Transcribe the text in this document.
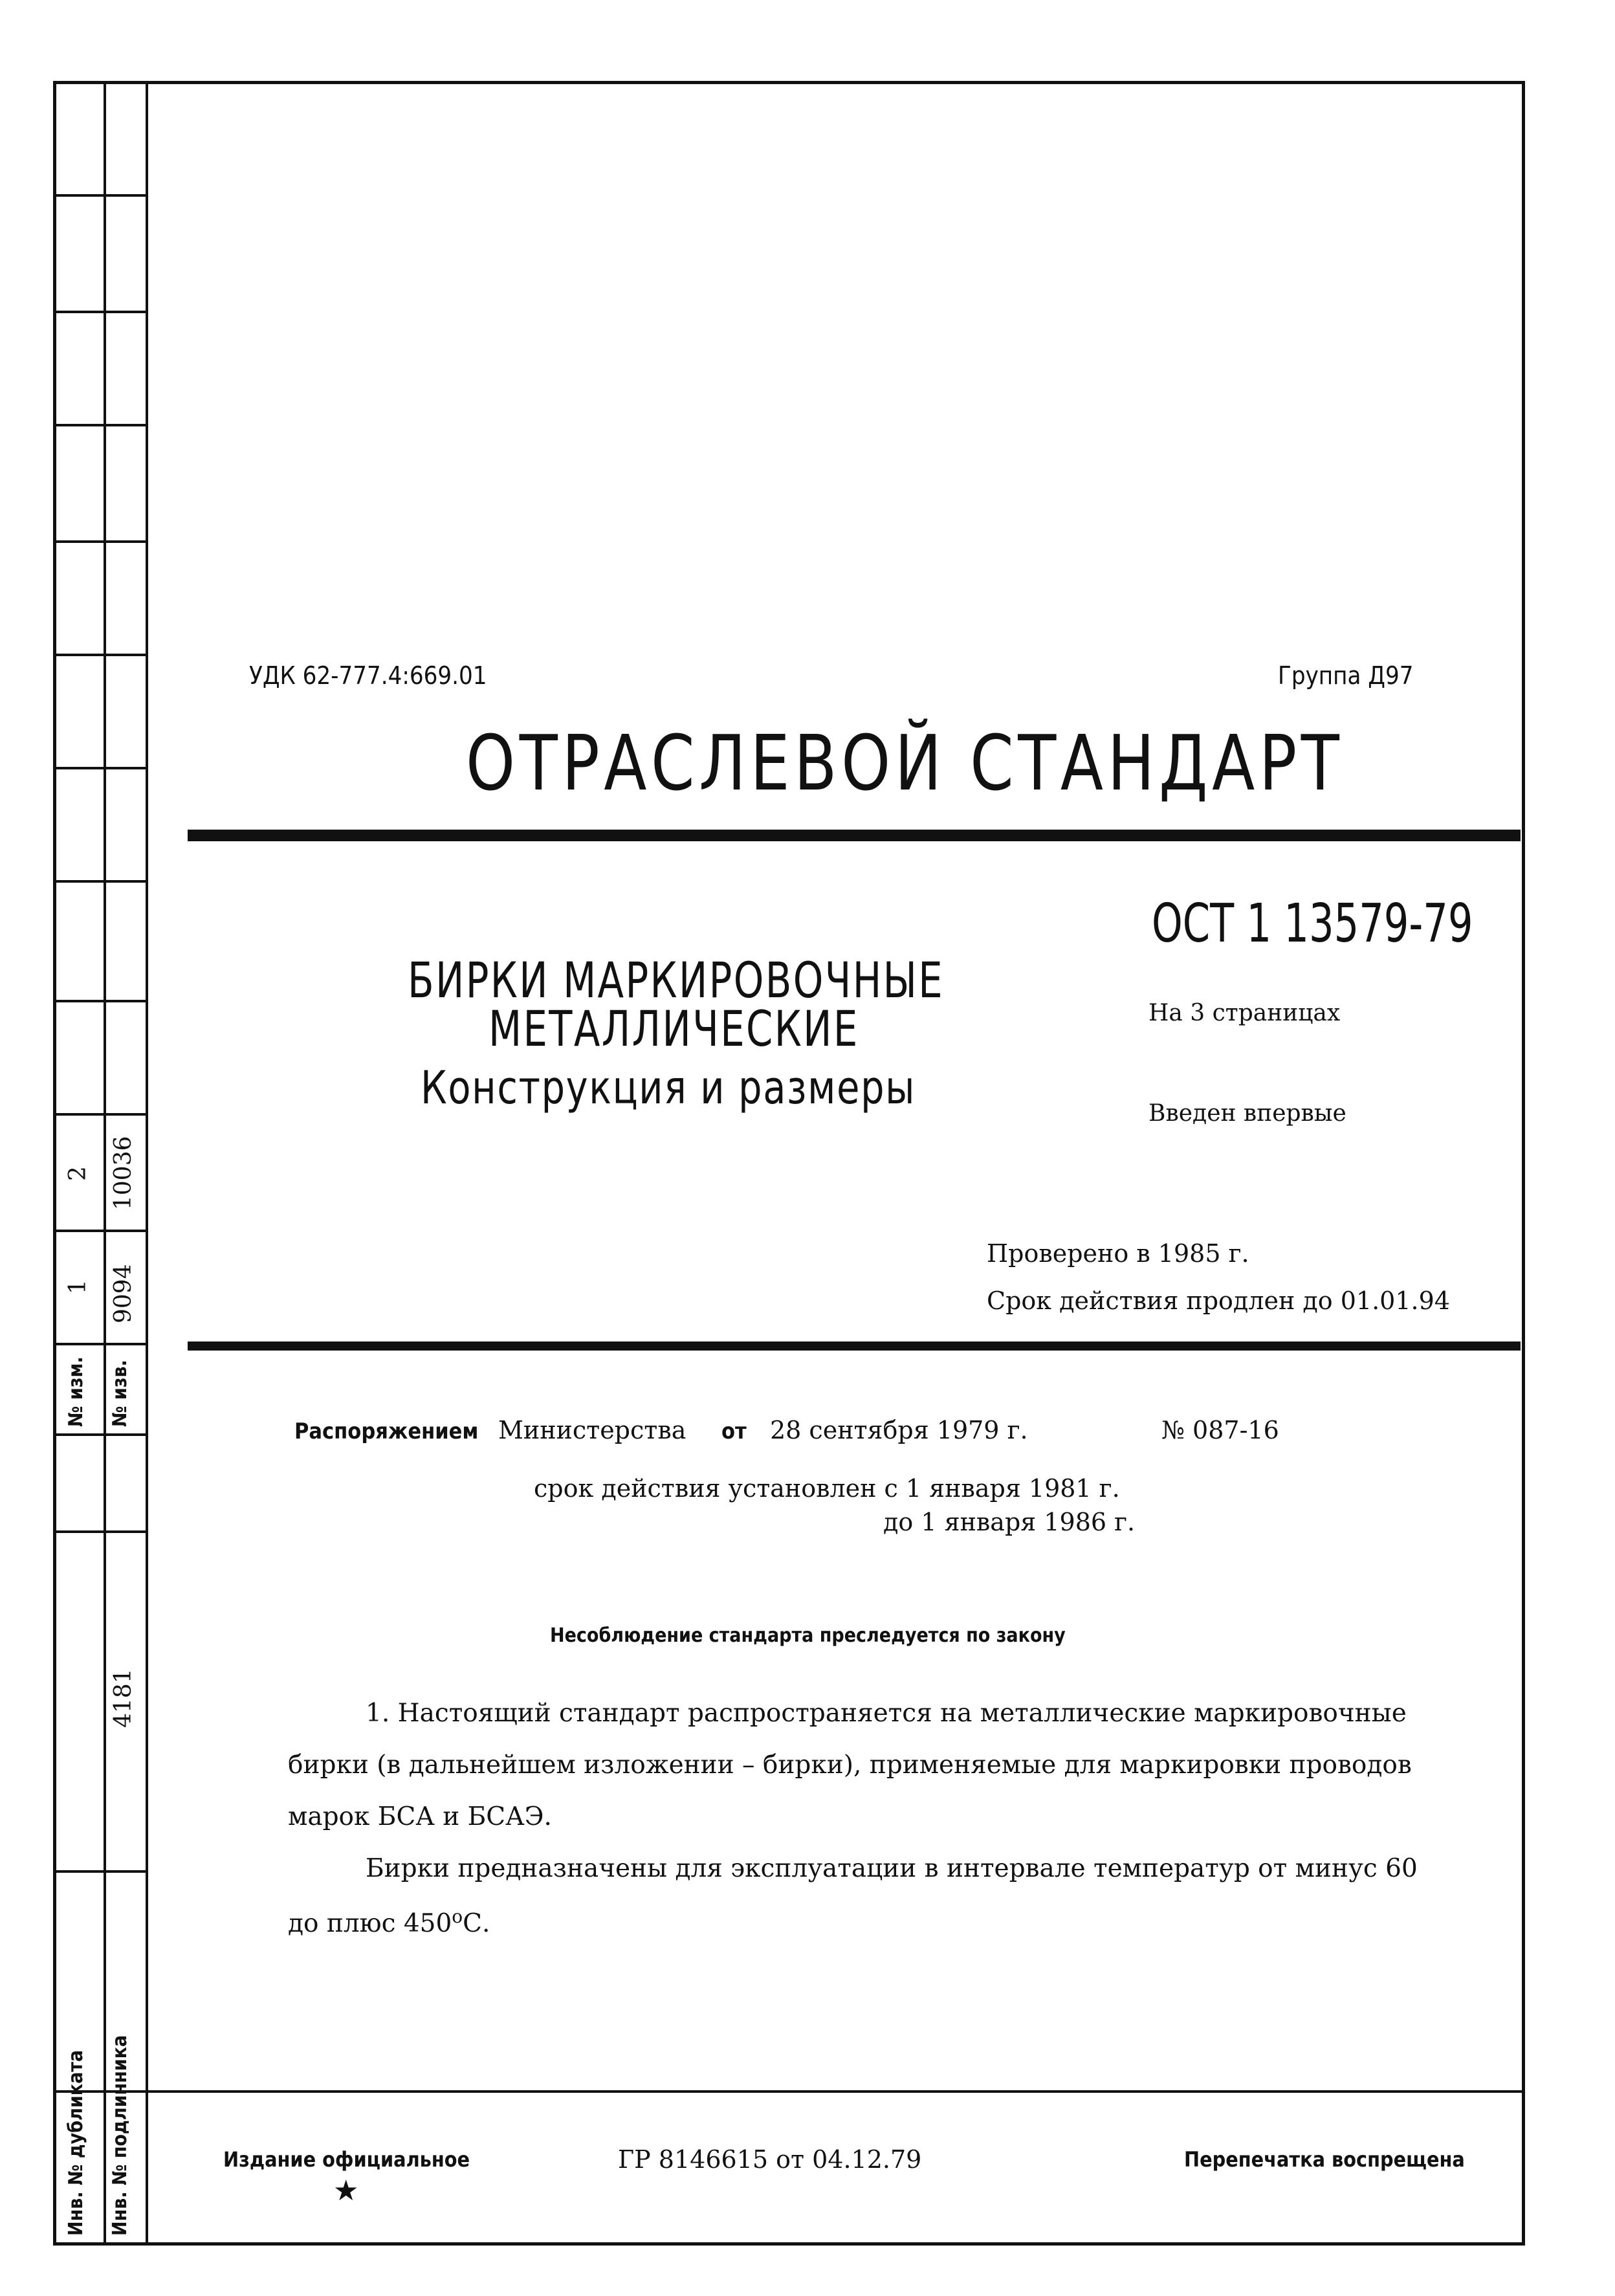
№ изм. № изв.
1 9094
2 10036
4181
Инв. № дубликата Инв. № подлинника
УДК 62-777.4:669.01	Группа Д97
ОТРАСЛЕВОЙ СТАНДАРТ
БИРКИ МАРКИРОВОЧНЫЕ
МЕТАЛЛИЧЕСКИЕ
Конструкция и размеры
ОСТ 1 13579-79
На 3 страницах
Введен впервые
Проверено в 1985 г.
Срок действия продлен до 01.01.94
Распоряжением Министерства от 28 сентября 1979 г.	№ 087-16
срок действия установлен с 1 января 1981 г.
до 1 января 1986 г.
Несоблюдение стандарта преследуется по закону
1. Настоящий стандарт распространяется на металлические маркировочные
бирки (в дальнейшем изложении – бирки), применяемые для маркировки проводов
марок БСА и БСАЭ.
Бирки предназначены для эксплуатации в интервале температур от минус 60
до плюс 450$^o$С.
Издание официальное
★
ГР 8146615 от 04.12.79	Перепечатка воспрещена
